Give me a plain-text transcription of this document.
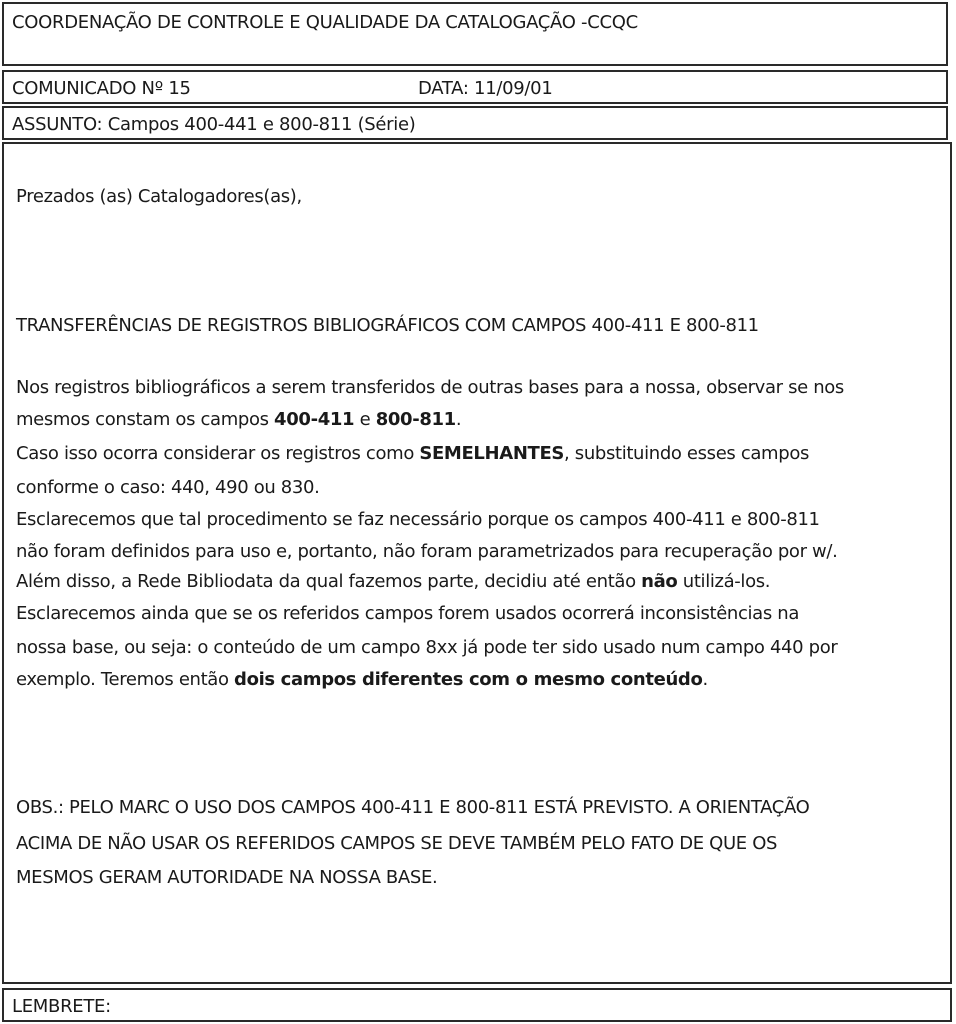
COORDENAÇÃO DE CONTROLE E QUALIDADE DA CATALOGAÇÃO -CCQC
COMUNICADO Nº 15	DATA: 11/09/01
ASSUNTO: Campos 400-441 e 800-811 (Série)
Prezados (as) Catalogadores(as),
TRANSFERÊNCIAS DE REGISTROS BIBLIOGRÁFICOS COM CAMPOS 400-411 E 800-811
Nos registros bibliográficos a serem transferidos de outras bases para a nossa, observar se nos
mesmos constam os campos 400-411 e 800-811.
Caso isso ocorra considerar os registros como SEMELHANTES, substituindo esses campos
conforme o caso: 440, 490 ou 830.
Esclarecemos que tal procedimento se faz necessário porque os campos 400-411 e 800-811
não foram definidos para uso e, portanto, não foram parametrizados para recuperação por w/.
Além disso, a Rede Bibliodata da qual fazemos parte, decidiu até então não utilizá-los.
Esclarecemos ainda que se os referidos campos forem usados ocorrerá inconsistências na
nossa base, ou seja: o conteúdo de um campo 8xx já pode ter sido usado num campo 440 por
exemplo. Teremos então dois campos diferentes com o mesmo conteúdo.
OBS.: PELO MARC O USO DOS CAMPOS 400-411 E 800-811 ESTÁ PREVISTO. A ORIENTAÇÃO
ACIMA DE NÃO USAR OS REFERIDOS CAMPOS SE DEVE TAMBÉM PELO FATO DE QUE OS
MESMOS GERAM AUTORIDADE NA NOSSA BASE.
LEMBRETE:
